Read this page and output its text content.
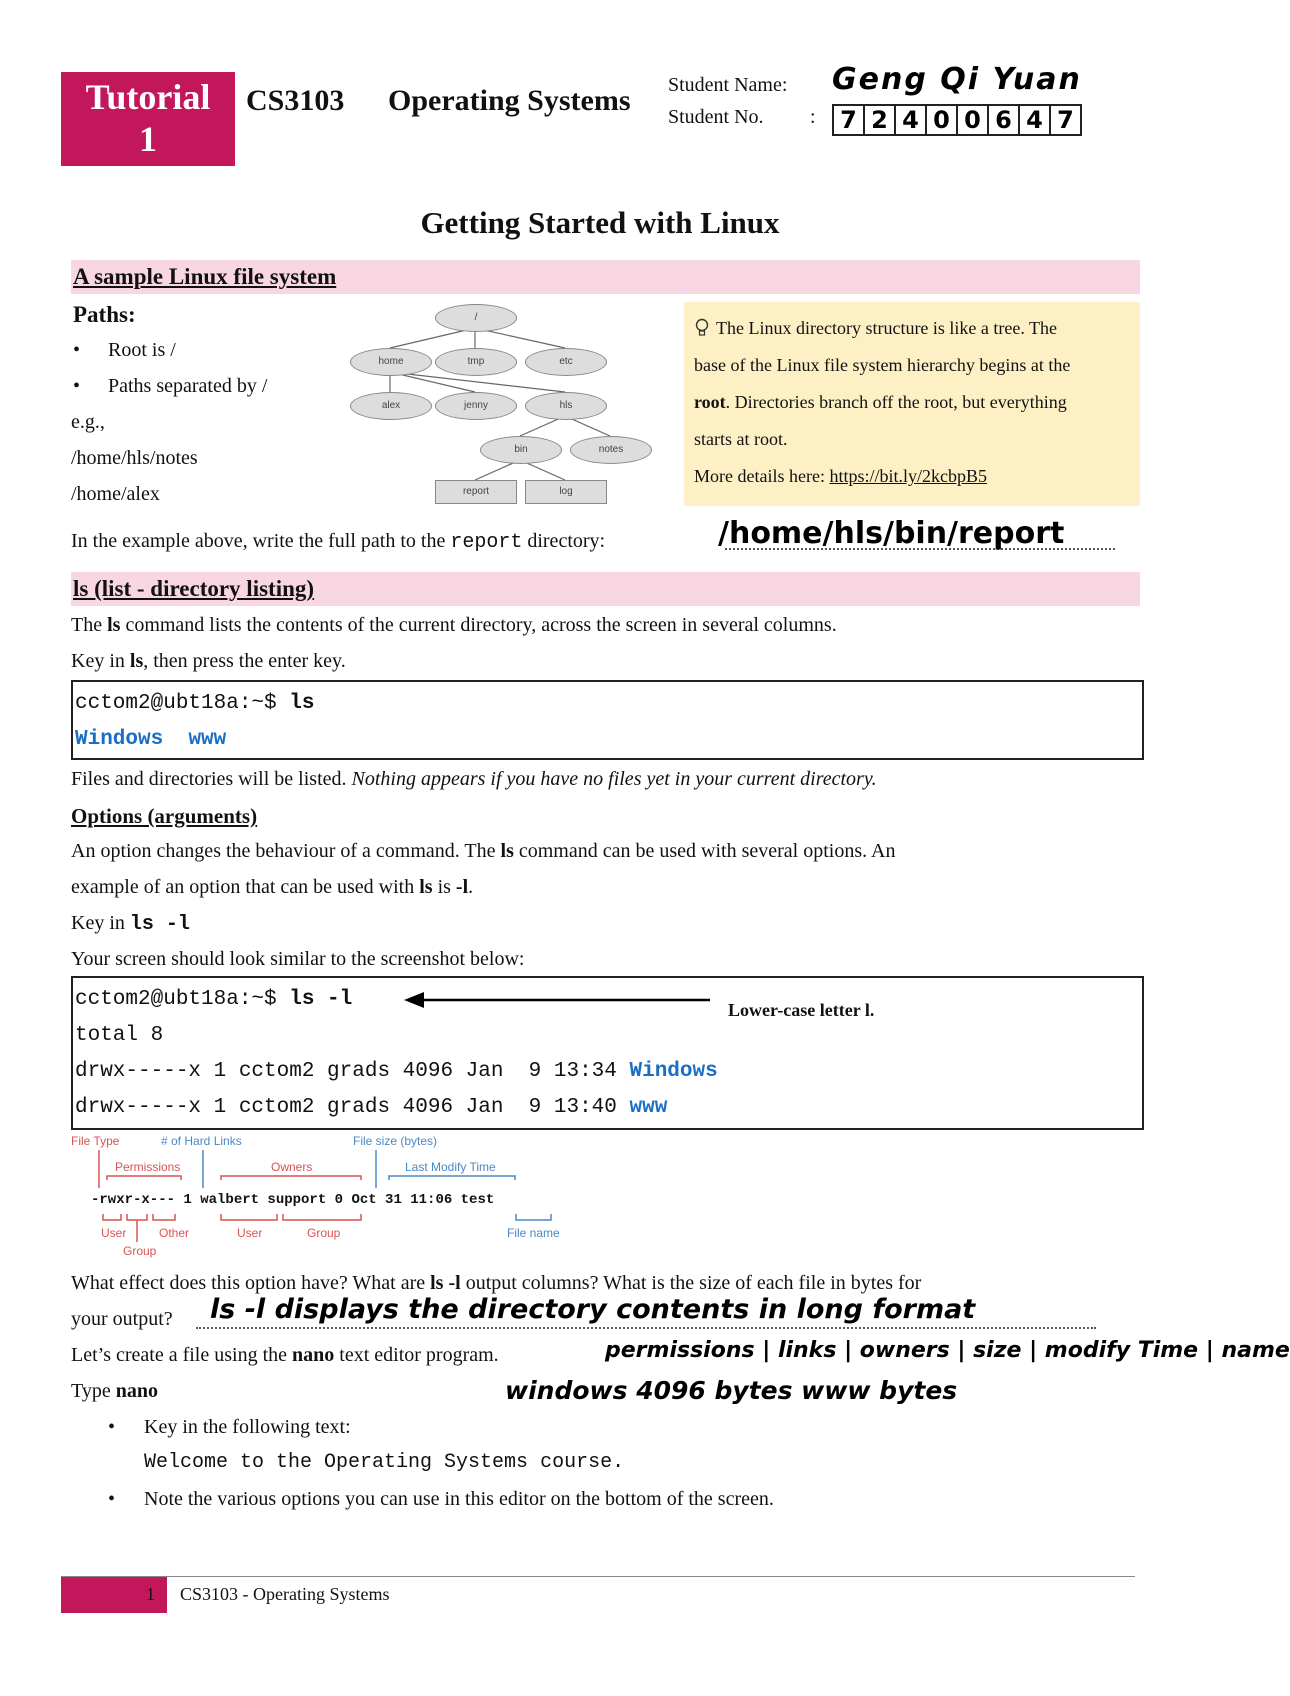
Tutorial
1
CS3103 Operating Systems Student Name: Geng Qi Yuan
Student No. :	7 2 4 0 0 6 4 7
Getting Started with Linux
A sample Linux file system
Paths:
• Root is /
• Paths separated by /
e.g.,
/home/hls/notes
/home/alex
/
home	tmp	etc
alex	jenny	hls
bin	notes
report	log
The Linux directory structure is like a tree. The
base of the Linux file system hierarchy begins at the
root. Directories branch off the root, but everything
starts at root.
More details here: https://bit.ly/2kcbpB5
In the example above, write the full path to the report directory:	/home/hls/bin/report
ls (list - directory listing)
The ls command lists the contents of the current directory, across the screen in several columns.
Key in ls, then press the enter key.
cctom2@ubt18a:~$ ls
Windows www
Files and directories will be listed. Nothing appears if you have no files yet in your current directory.
Options (arguments)
An option changes the behaviour of a command. The ls command can be used with several options. An
example of an option that can be used with ls is -l.
Key in ls -l
Your screen should look similar to the screenshot below:
cctom2@ubt18a:~$ ls -l
total 8
drwx-----x 1 cctom2 grads 4096 Jan  9 13:34 Windows
drwx-----x 1 cctom2 grads 4096 Jan  9 13:40 www
Lower-case letter l.
File Type	# of Hard Links	File size (bytes)
Permissions	Owners	Last Modify Time
-rwxr-x--- 1 walbert support 0 Oct 31 11:06 test
User	Other
Group
User	Group	File name
What effect does this option have? What are ls -l output columns? What is the size of each file in bytes for
your output? ls -l displays the directory contents in long format
Let’s create a file using the nano text editor program.	permissions | links | owners | size | modify Time | name
Type nano	windows 4096 bytes www bytes
• Key in the following text:
Welcome to the Operating Systems course.
• Note the various options you can use in this editor on the bottom of the screen.
1 CS3103 - Operating Systems
